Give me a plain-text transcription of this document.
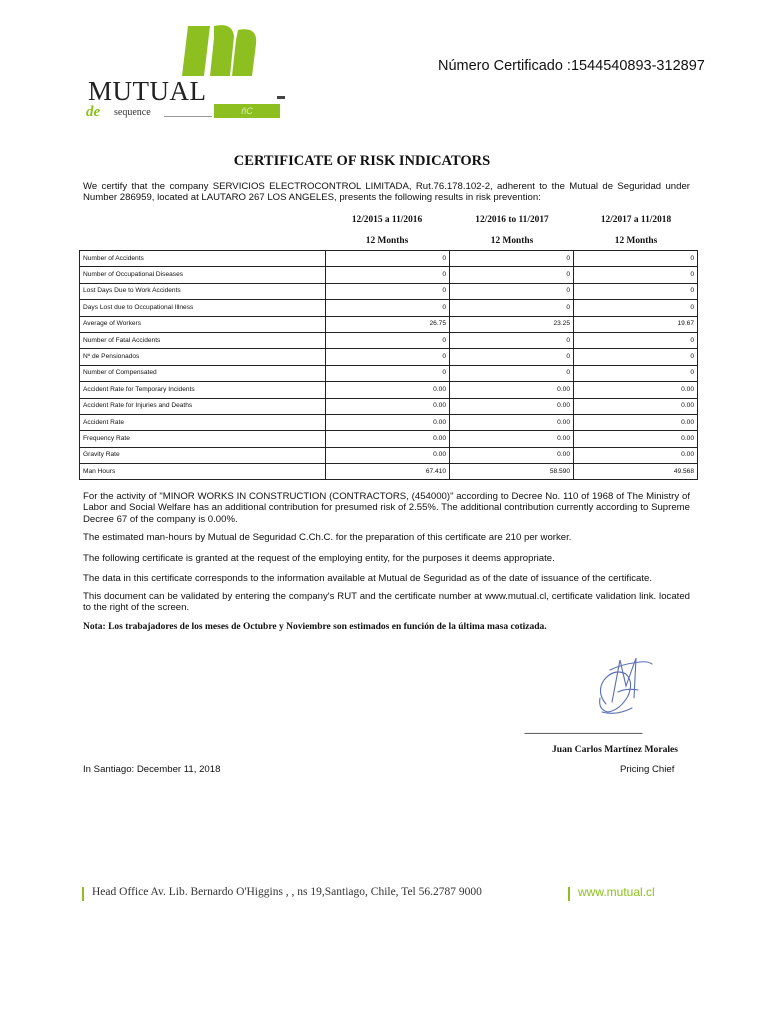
MUTUAL
de sequence	ñC
Número Certificado :1544540893-312897
CERTIFICATE OF RISK INDICATORS
We certify that the company SERVICIOS ELECTROCONTROL LIMITADA, Rut.76.178.102-2, adherent to the Mutual de Seguridad under Number 286959, located at LAUTARO 267 LOS ANGELES, presents the following results in risk prevention:
12/2015 a 11/2016	12/2016 to 11/2017	12/2017 a 11/2018
12 Months	12 Months	12 Months
Number of Accidents	0	0	0
Number of Occupational Diseases	0	0	0
Lost Days Due to Work Accidents	0	0	0
Days Lost due to Occupational Illness	0	0	0
Average of Workers	26.75	23.25	19.67
Number of Fatal Accidents	0	0	0
Nº de Pensionados	0	0	0
Number of Compensated	0	0	0
Accident Rate for Temporary Incidents	0.00	0.00	0.00
Accident Rate for Injuries and Deaths	0.00	0.00	0.00
Accident Rate	0.00	0.00	0.00
Frequency Rate	0.00	0.00	0.00
Gravity Rate	0.00	0.00	0.00
Man Hours	67.410	58.590	49.568
For the activity of "MINOR WORKS IN CONSTRUCTION (CONTRACTORS, (454000)" according to Decree No. 110 of 1968 of The Ministry of Labor and Social Welfare has an additional contribution for presumed risk of 2.55%. The additional contribution currently according to Supreme Decree 67 of the company is 0.00%.
The estimated man-hours by Mutual de Seguridad C.Ch.C. for the preparation of this certificate are 210 per worker.
The following certificate is granted at the request of the employing entity, for the purposes it deems appropriate.
The data in this certificate corresponds to the information available at Mutual de Seguridad as of the date of issuance of the certificate.
This document can be validated by entering the company's RUT and the certificate number at www.mutual.cl, certificate validation link. located to the right of the screen.
Nota: Los trabajadores de los meses de Octubre y Noviembre son estimados en función de la última masa cotizada.
-----------------------------------------------------------
Juan Carlos Martínez Morales
In Santiago: December 11, 2018	Pricing Chief
Head Office Av. Lib. Bernardo O'Higgins , , ns 19,Santiago, Chile, Tel 56.2787 9000	www.mutual.cl
